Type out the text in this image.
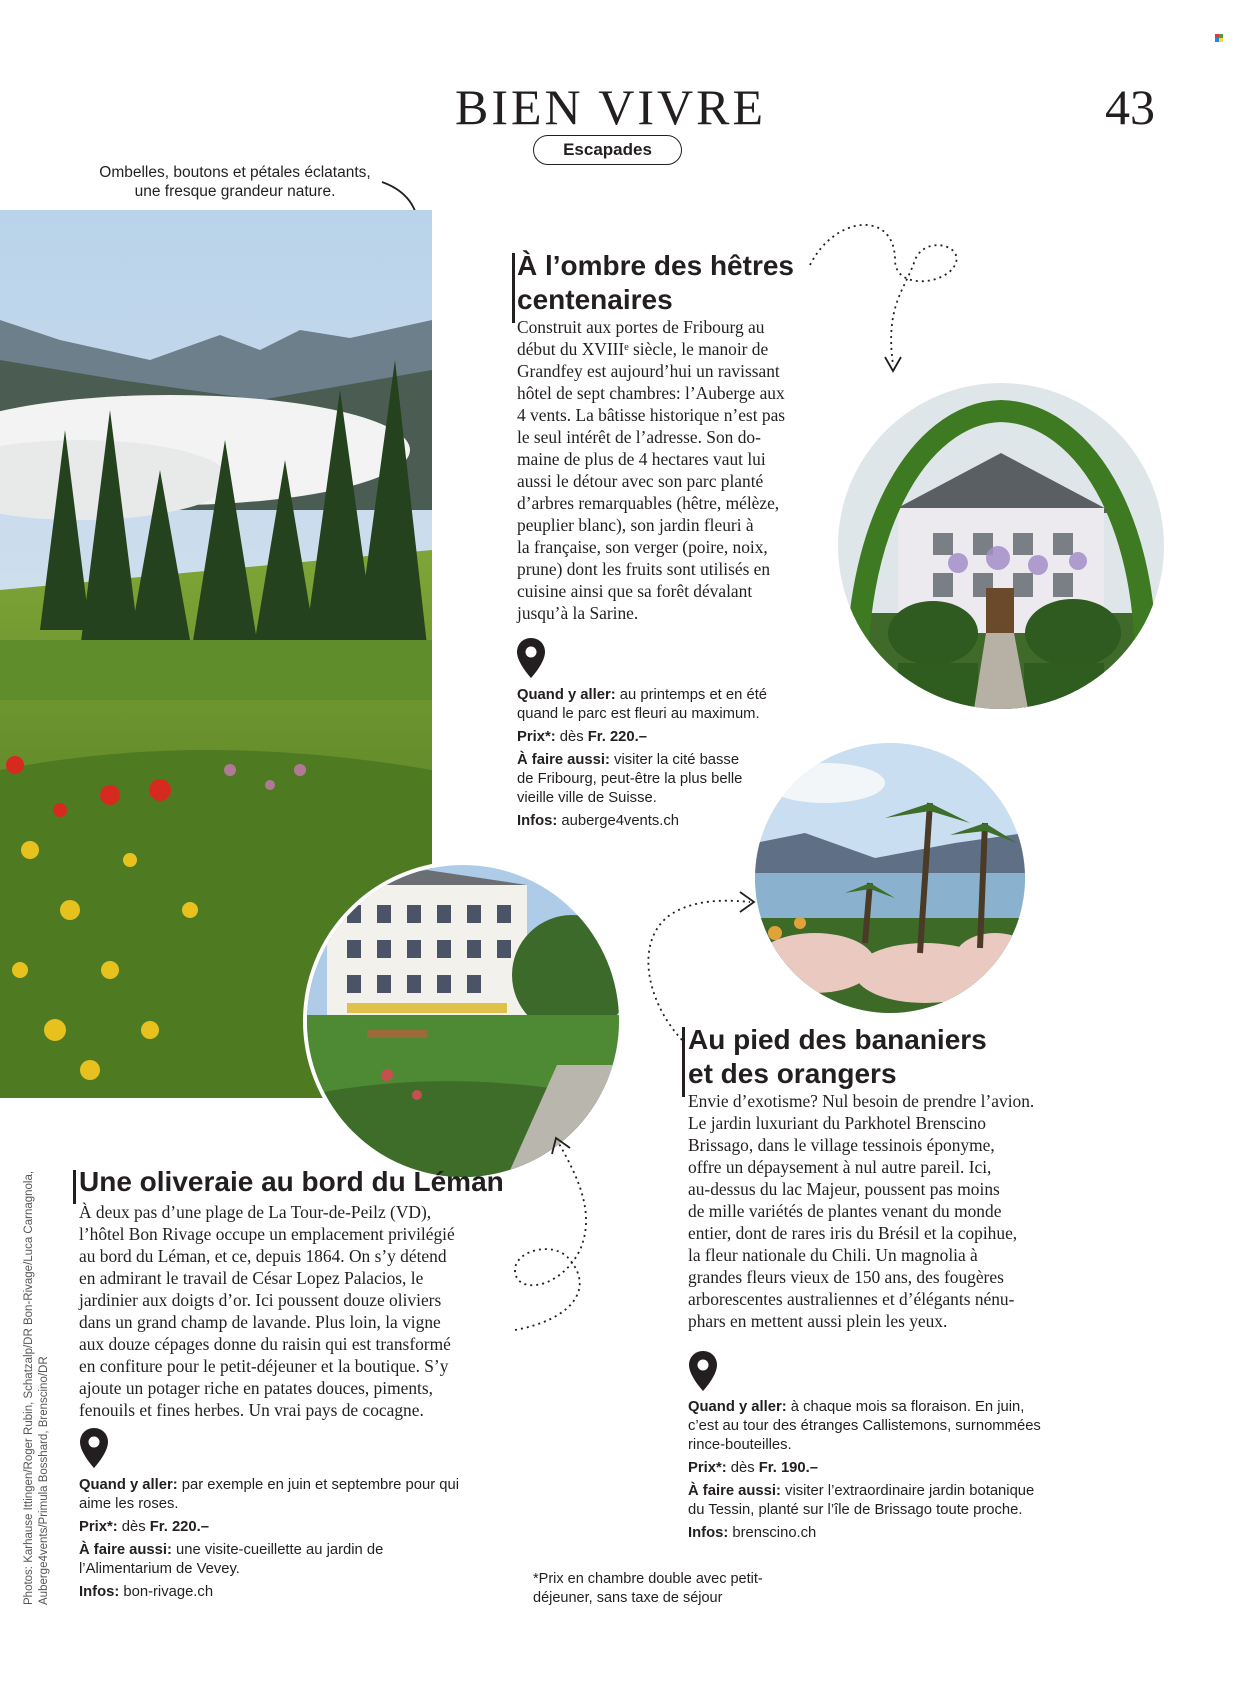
BIEN VIVRE	43
Escapades
Ombelles, boutons et pétales éclatants,
une fresque grandeur nature.
À l’ombre des hêtres
centenaires
Construit aux portes de Fribourg au
début du XVIIIᵉ siècle, le manoir de
Grandfey est aujourd’hui un ravissant
hôtel de sept chambres: l’Auberge aux
4 vents. La bâtisse historique n’est pas
le seul intérêt de l’adresse. Son do-
maine de plus de 4 hectares vaut lui
aussi le détour avec son parc planté
d’arbres remarquables (hêtre, mélèze,
peuplier blanc), son jardin fleuri à
la française, son verger (poire, noix,
prune) dont les fruits sont utilisés en
cuisine ainsi que sa forêt dévalant
jusqu’à la Sarine.

Quand y aller: au printemps et en été
quand le parc est fleuri au maximum.

Prix*: dès Fr. 220.–

À faire aussi: visiter la cité basse
de Fribourg, peut-être la plus belle
vieille ville de Suisse.

Infos: auberge4vents.ch

Au pied des bananiers
et des orangers
Envie d’exotisme? Nul besoin de prendre l’avion.
Le jardin luxuriant du Parkhotel Brenscino
Brissago, dans le village tessinois éponyme,
offre un dépaysement à nul autre pareil. Ici,
au-dessus du lac Majeur, poussent pas moins
de mille variétés de plantes venant du monde
entier, dont de rares iris du Brésil et la copihue,
la fleur nationale du Chili. Un magnolia à
grandes fleurs vieux de 150 ans, des fougères
arborescentes australiennes et d’élégants nénu-
phars en mettent aussi plein les yeux.

Quand y aller: à chaque mois sa floraison. En juin,
c’est au tour des étranges Callistemons, surnommées
rince-bouteilles.

Prix*: dès Fr. 190.–

À faire aussi: visiter l’extraordinaire jardin botanique
du Tessin, planté sur l’île de Brissago toute proche.

Infos: brenscino.ch

Une oliveraie au bord du Léman
À deux pas d’une plage de La Tour-de-Peilz (VD),
l’hôtel Bon Rivage occupe un emplacement privilégié
au bord du Léman, et ce, depuis 1864. On s’y détend
en admirant le travail de César Lopez Palacios, le
jardinier aux doigts d’or. Ici poussent douze oliviers
dans un grand champ de lavande. Plus loin, la vigne
aux douze cépages donne du raisin qui est transformé
en confiture pour le petit-déjeuner et la boutique. S’y
ajoute un potager riche en patates douces, piments,
fenouils et fines herbes. Un vrai pays de cocagne.

Quand y aller: par exemple en juin et septembre pour qui
aime les roses.

Prix*: dès Fr. 220.–

À faire aussi: une visite-cueillette au jardin de
l’Alimentarium de Vevey.

Infos: bon-rivage.ch

*Prix en chambre double avec petit-
déjeuner, sans taxe de séjour
Photos: Karhause Ittingen/Roger Rubin, Schatzalp/DR Bon-Rivage/Luca Carnagnola, Auberge4vents/Primula Bosshard, Brenscino/DR
